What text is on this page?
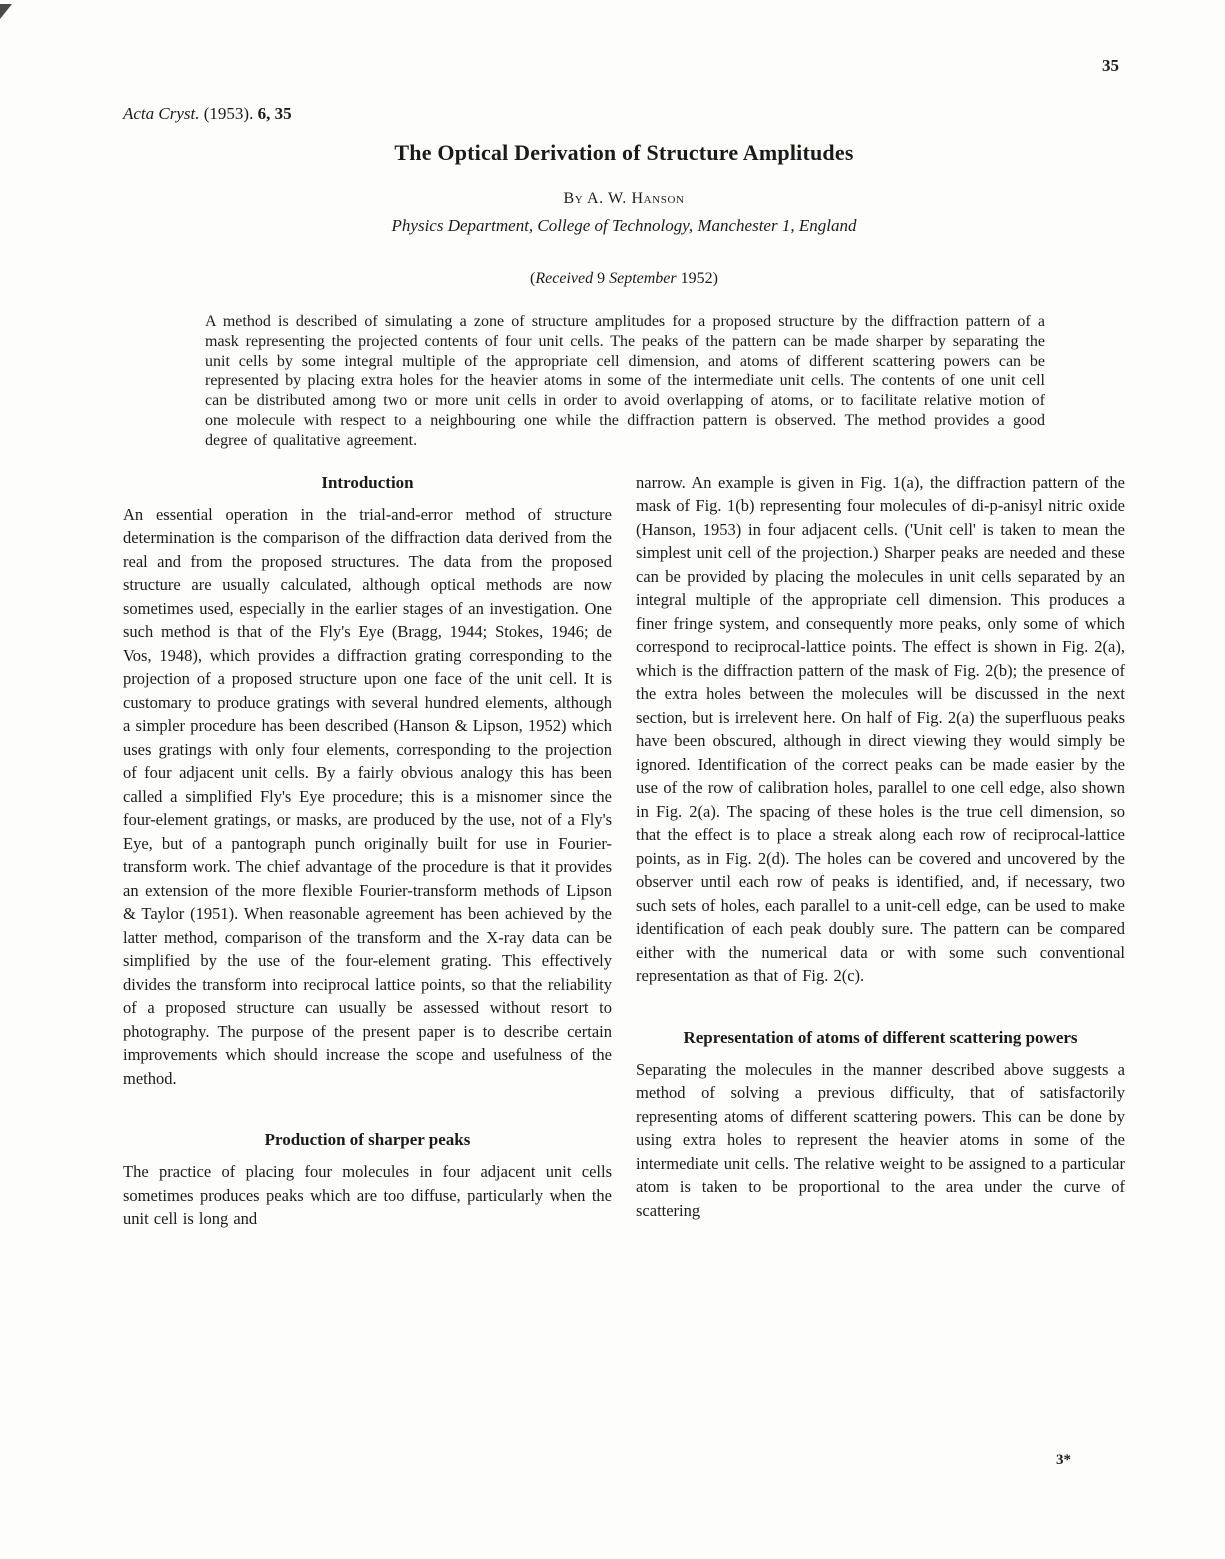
35
Acta Cryst. (1953). 6, 35
The Optical Derivation of Structure Amplitudes
By A. W. Hanson
Physics Department, College of Technology, Manchester 1, England
(Received 9 September 1952)
A method is described of simulating a zone of structure amplitudes for a proposed structure by the diffraction pattern of a mask representing the projected contents of four unit cells. The peaks of the pattern can be made sharper by separating the unit cells by some integral multiple of the appropriate cell dimension, and atoms of different scattering powers can be represented by placing extra holes for the heavier atoms in some of the intermediate unit cells. The contents of one unit cell can be distributed among two or more unit cells in order to avoid overlapping of atoms, or to facilitate relative motion of one molecule with respect to a neighbouring one while the diffraction pattern is observed. The method provides a good degree of qualitative agreement.
Introduction

An essential operation in the trial-and-error method of structure determination is the comparison of the diffraction data derived from the real and from the proposed structures. The data from the proposed structure are usually calculated, although optical methods are now sometimes used, especially in the earlier stages of an investigation. One such method is that of the Fly's Eye (Bragg, 1944; Stokes, 1946; de Vos, 1948), which provides a diffraction grating corresponding to the projection of a proposed structure upon one face of the unit cell. It is customary to produce gratings with several hundred elements, although a simpler procedure has been described (Hanson & Lipson, 1952) which uses gratings with only four elements, corresponding to the projection of four adjacent unit cells. By a fairly obvious analogy this has been called a simplified Fly's Eye procedure; this is a misnomer since the four-element gratings, or masks, are produced by the use, not of a Fly's Eye, but of a pantograph punch originally built for use in Fourier-transform work. The chief advantage of the procedure is that it provides an extension of the more flexible Fourier-transform methods of Lipson & Taylor (1951). When reasonable agreement has been achieved by the latter method, comparison of the transform and the X-ray data can be simplified by the use of the four-element grating. This effectively divides the transform into reciprocal lattice points, so that the reliability of a proposed structure can usually be assessed without resort to photography. The purpose of the present paper is to describe certain improvements which should increase the scope and usefulness of the method.

Production of sharper peaks

The practice of placing four molecules in four adjacent unit cells sometimes produces peaks which are too diffuse, particularly when the unit cell is long and

narrow. An example is given in Fig. 1(a), the diffraction pattern of the mask of Fig. 1(b) representing four molecules of di-p-anisyl nitric oxide (Hanson, 1953) in four adjacent cells. ('Unit cell' is taken to mean the simplest unit cell of the projection.) Sharper peaks are needed and these can be provided by placing the molecules in unit cells separated by an integral multiple of the appropriate cell dimension. This produces a finer fringe system, and consequently more peaks, only some of which correspond to reciprocal-lattice points. The effect is shown in Fig. 2(a), which is the diffraction pattern of the mask of Fig. 2(b); the presence of the extra holes between the molecules will be discussed in the next section, but is irrelevent here. On half of Fig. 2(a) the superfluous peaks have been obscured, although in direct viewing they would simply be ignored. Identification of the correct peaks can be made easier by the use of the row of calibration holes, parallel to one cell edge, also shown in Fig. 2(a). The spacing of these holes is the true cell dimension, so that the effect is to place a streak along each row of reciprocal-lattice points, as in Fig. 2(d). The holes can be covered and uncovered by the observer until each row of peaks is identified, and, if necessary, two such sets of holes, each parallel to a unit-cell edge, can be used to make identification of each peak doubly sure. The pattern can be compared either with the numerical data or with some such conventional representation as that of Fig. 2(c).

Representation of atoms of different scattering powers

Separating the molecules in the manner described above suggests a method of solving a previous difficulty, that of satisfactorily representing atoms of different scattering powers. This can be done by using extra holes to represent the heavier atoms in some of the intermediate unit cells. The relative weight to be assigned to a particular atom is taken to be proportional to the area under the curve of scattering

3*
